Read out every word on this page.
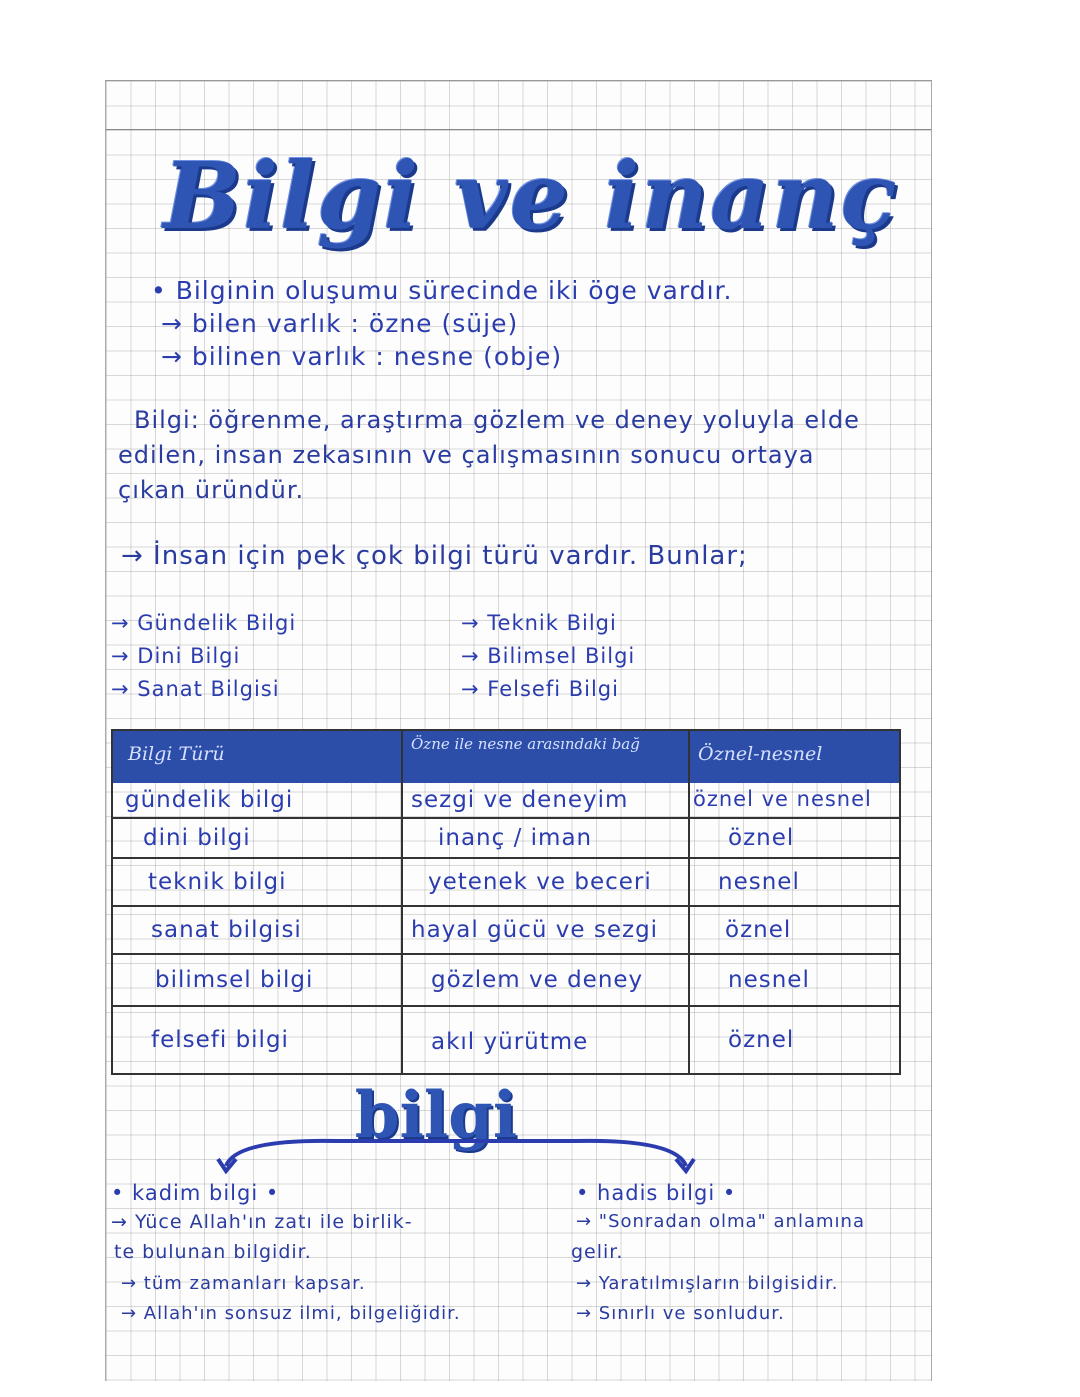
Bilgi ve inanç
• Bilginin oluşumu sürecinde iki öge vardır.
→ bilen varlık : özne (süje)
→ bilinen varlık : nesne (obje)
Bilgi: öğrenme, araştırma gözlem ve deney yoluyla elde
edilen, insan zekasının ve çalışmasının sonucu ortaya
çıkan üründür.
→ İnsan için pek çok bilgi türü vardır. Bunlar;
→ Gündelik Bilgi
→ Dini Bilgi
→ Sanat Bilgisi
→ Teknik Bilgi
→ Bilimsel Bilgi
→ Felsefi Bilgi
Bilgi Türü	Özne ile nesne arasındaki bağ	Öznel-nesnel
gündelik bilgi	sezgi ve deneyim	öznel ve nesnel
dini bilgi	inanç / iman	öznel
teknik bilgi	yetenek ve beceri	nesnel
sanat bilgisi	hayal gücü ve sezgi	öznel
bilimsel bilgi	gözlem ve deney	nesnel
felsefi bilgi	akıl yürütme	öznel
bilgi
• kadim bilgi •
→ Yüce Allah'ın zatı ile birlik-
te bulunan bilgidir.
→ tüm zamanları kapsar.
→ Allah'ın sonsuz ilmi, bilgeliğidir.
• hadis bilgi •
→ "Sonradan olma" anlamına
gelir.
→ Yaratılmışların bilgisidir.
→ Sınırlı ve sonludur.
